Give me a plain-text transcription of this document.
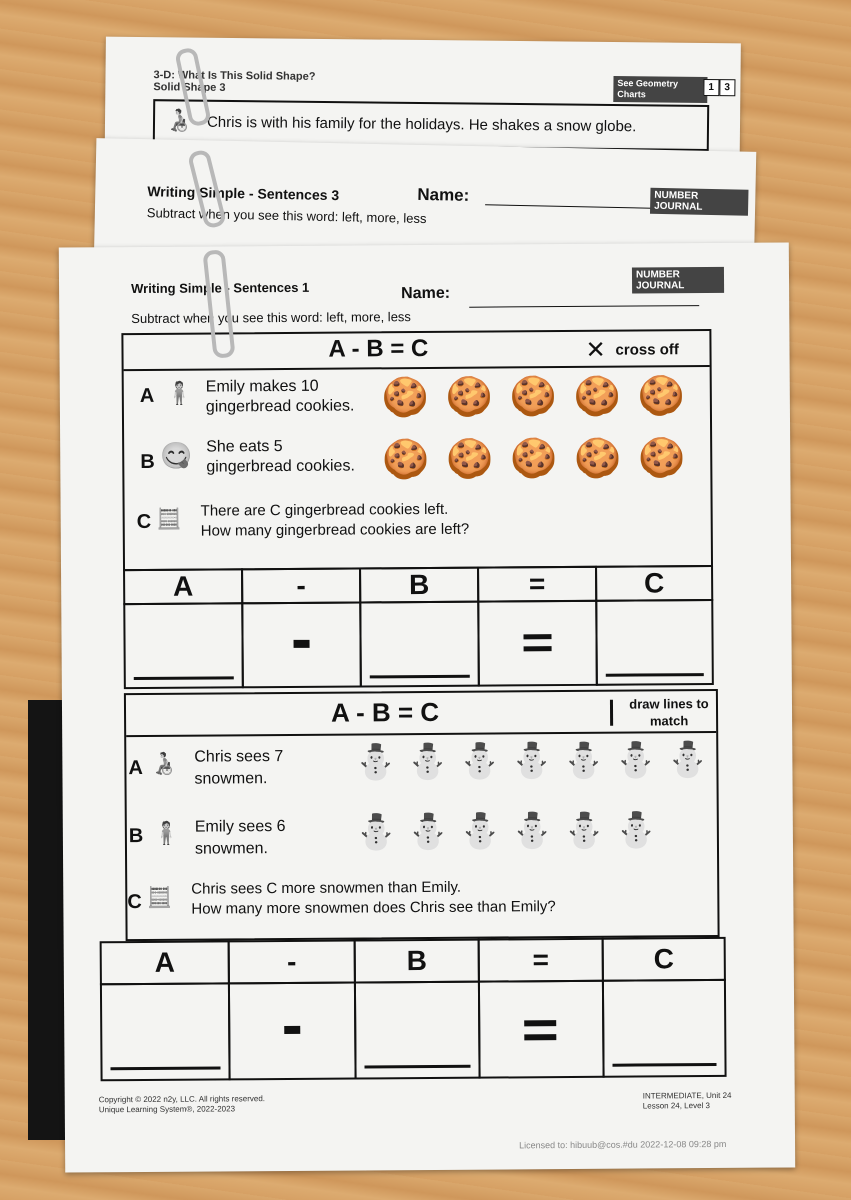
3-D: What Is This Solid Shape?
Solid Shape 3	See Geometry Charts
1	3
🧑‍🦽 Chris is with his family for the holidays. He shakes a snow globe.
Writing Simple - Sentences 3	Name:	NUMBER JOURNAL
Subtract when you see this word: left, more, less
Writing Simple - Sentences 1	Name:
NUMBER JOURNAL
Subtract when you see this word: left, more, less
A - B = C	✕ cross off
A 🧍 Emily makes 10
gingerbread cookies. 🍪 🍪 🍪 🍪 🍪
B 😋 She eats 5
gingerbread cookies. 🍪 🍪 🍪 🍪 🍪
C 🧮 There are C gingerbread cookies left.
How many gingerbread cookies are left?
A	-	B	=	C
A - B = C	draw lines to match
A 🧑‍🦽 Chris sees 7
snowmen.	⛄ ⛄ ⛄ ⛄ ⛄ ⛄ ⛄
B 🧍 Emily sees 6
snowmen.	⛄ ⛄ ⛄ ⛄ ⛄ ⛄
C 🧮 Chris sees C more snowmen than Emily.
How many more snowmen does Chris see than Emily?
A	-	B	=	C
Copyright © 2022 n2y, LLC. All rights reserved.
Unique Learning System®, 2022-2023
INTERMEDIATE, Unit 24
Lesson 24, Level 3
Licensed to: hibuub@cos.#du 2022-12-08 09:28 pm
